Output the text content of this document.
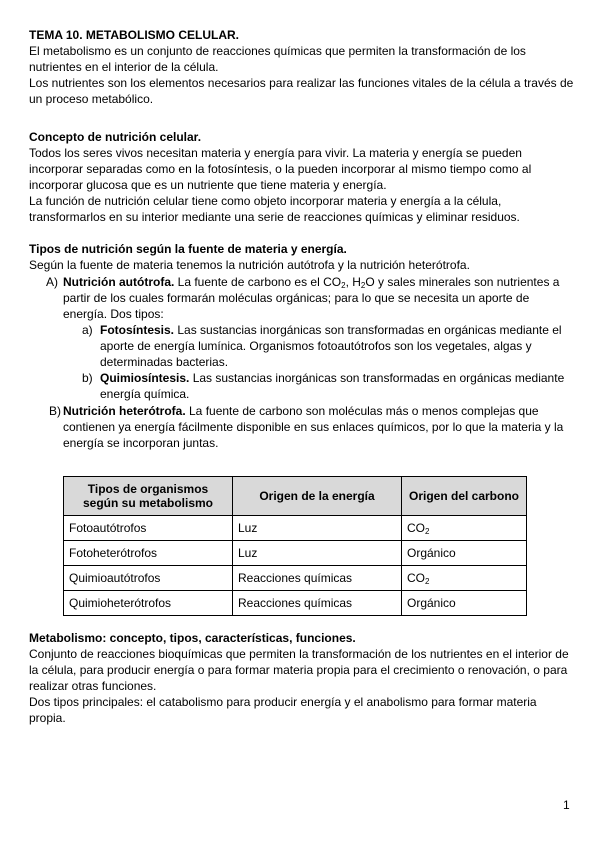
TEMA 10. METABOLISMO CELULAR.

El metabolismo es un conjunto de reacciones químicas que permiten la transformación de los nutrientes en el interior de la célula.

Los nutrientes son los elementos necesarios para realizar las funciones vitales de la célula a través de un proceso metabólico.

Concepto de nutrición celular.

Todos los seres vivos necesitan materia y energía para vivir. La materia y energía se pueden incorporar separadas como en la fotosíntesis, o la pueden incorporar al mismo tiempo como al incorporar glucosa que es un nutriente que tiene materia y energía.

La función de nutrición celular tiene como objeto incorporar materia y energía a la célula, transformarlos en su interior mediante una serie de reacciones químicas y eliminar residuos.

Tipos de nutrición según la fuente de materia y energía.

Según la fuente de materia tenemos la nutrición autótrofa y la nutrición heterótrofa.

A) Nutrición autótrofa. La fuente de carbono es el $CO_2$, $H_2O$ y sales minerales son nutrientes a partir de los cuales formarán moléculas orgánicas; para lo que se necesita un aporte de energía. Dos tipos:
a) Fotosíntesis. Las sustancias inorgánicas son transformadas en orgánicas mediante el aporte de energía lumínica. Organismos fotoautótrofos son los vegetales, algas y determinadas bacterias.
b) Quimiosíntesis. Las sustancias inorgánicas son transformadas en orgánicas mediante energía química.
B) Nutrición heterótrofa. La fuente de carbono son moléculas más o menos complejas que contienen ya energía fácilmente disponible en sus enlaces químicos, por lo que la materia y la energía se incorporan juntas.
Tipos de organismos según su metabolismo	Origen de la energía	Origen del carbono
Fotoautótrofos	Luz	$CO_2$
Fotoheterótrofos	Luz	Orgánico
Quimioautótrofos	Reacciones químicas	$CO_2$
Quimioheterótrofos	Reacciones químicas	Orgánico

Metabolismo: concepto, tipos, características, funciones.

Conjunto de reacciones bioquímicas que permiten la transformación de los nutrientes en el interior de la célula, para producir energía o para formar materia propia para el crecimiento o renovación, o para realizar otras funciones.

Dos tipos principales: el catabolismo para producir energía y el anabolismo para formar materia propia.

1
